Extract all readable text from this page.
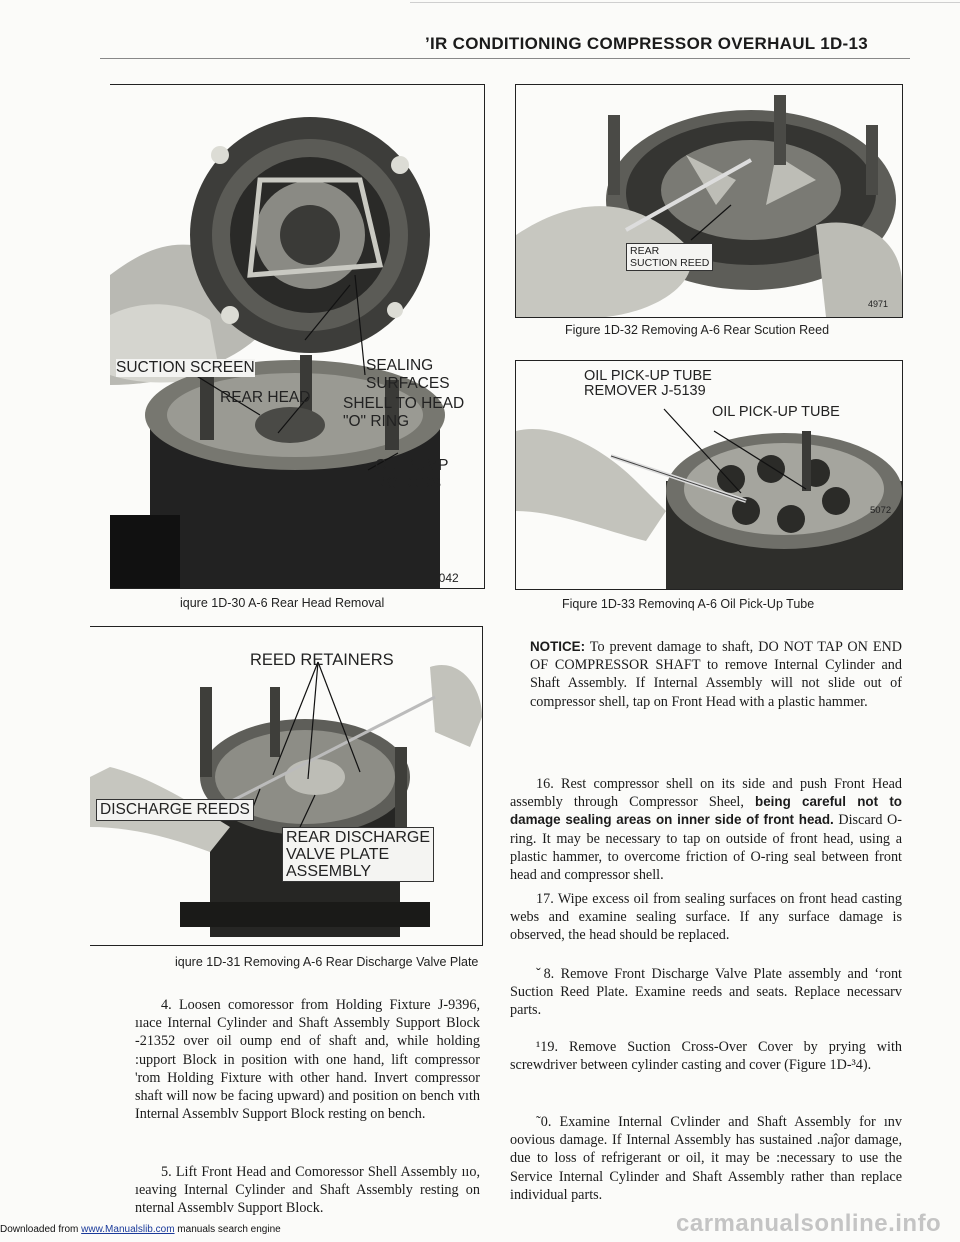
’IR CONDITIONING COMPRESSOR OVERHAUL 1D-13
SUCTION SCREEN	SEALING
SURFACES
REAR HEAD SHELL TO HEAD
"O" RING
OIL PUMP
ROTORS
5042
iqure 1D-30 A-6 Rear Head Removal
REAR
SUCTION REED
4971
Figure 1D-32 Removing A-6 Rear Scution Reed
OIL PICK-UP TUBE
REMOVER J-5139
OIL PICK-UP TUBE
5072
Fiqure 1D-33 Removinq A-6 Oil Pick-Up Tube
REED RETAINERS
DISCHARGE REEDS
REAR DISCHARGE
VALVE PLATE
ASSEMBLY
iqure 1D-31 Removing A-6 Rear Discharge Valve Plate
4. Loosen comoressor from Holding Fixture J-9396, ııace Internal Cylinder and Shaft Assembly Support Block -21352 over oil oump end of shaft and, while holding :upport Block in position with one hand, lift compressor 'rom Holding Fixture with other hand. Invert compressor shaft will now be facing upward) and position on bench vıth Internal Assemblv Support Block resting on bench.
5. Lift Front Head and Comoressor Shell Assembly ııo, ıeaving Internal Cylinder and Shaft Assembly resting on nternal Assemblv Support Block.
NOTICE: To prevent damage to shaft, DO NOT TAP ON END OF COMPRESSOR SHAFT to remove Internal Cylinder and Shaft Assembly. If Internal Assembly will not slide out of compressor shell, tap on Front Head with a plastic hammer.
16. Rest compressor shell on its side and push Front Head assembly through Compressor Sheel, being careful not to damage sealing areas on inner side of front head. Discard O-ring. It may be necessary to tap on outside of front head, using a plastic hammer, to overcome friction of O-ring seal between front head and compressor shell.
17. Wipe excess oil from sealing surfaces on front head casting webs and examine sealing surface. If any surface damage is observed, the head should be replaced.
ˇ8. Remove Front Discharge Valve Plate assembly and ʻront Suction Reed Plate. Examine reeds and seats. Replace necessarv parts.
¹19. Remove Suction Cross-Over Cover by prying with screwdriver between cylinder casting and cover (Figure 1D-³4).
˜0. Examine Internal Cvlinder and Shaft Assembly for ınv oovious damage. If Internal Assembly has sustained .naĵor damage, due to loss of refrigerant or oil, it may be :necessary to use the Service Internal Cylinder and Shaft Assembly rather than replace individual parts.
Downloaded from www.Manualslib.com manuals search engine	carmanualsonline.info
